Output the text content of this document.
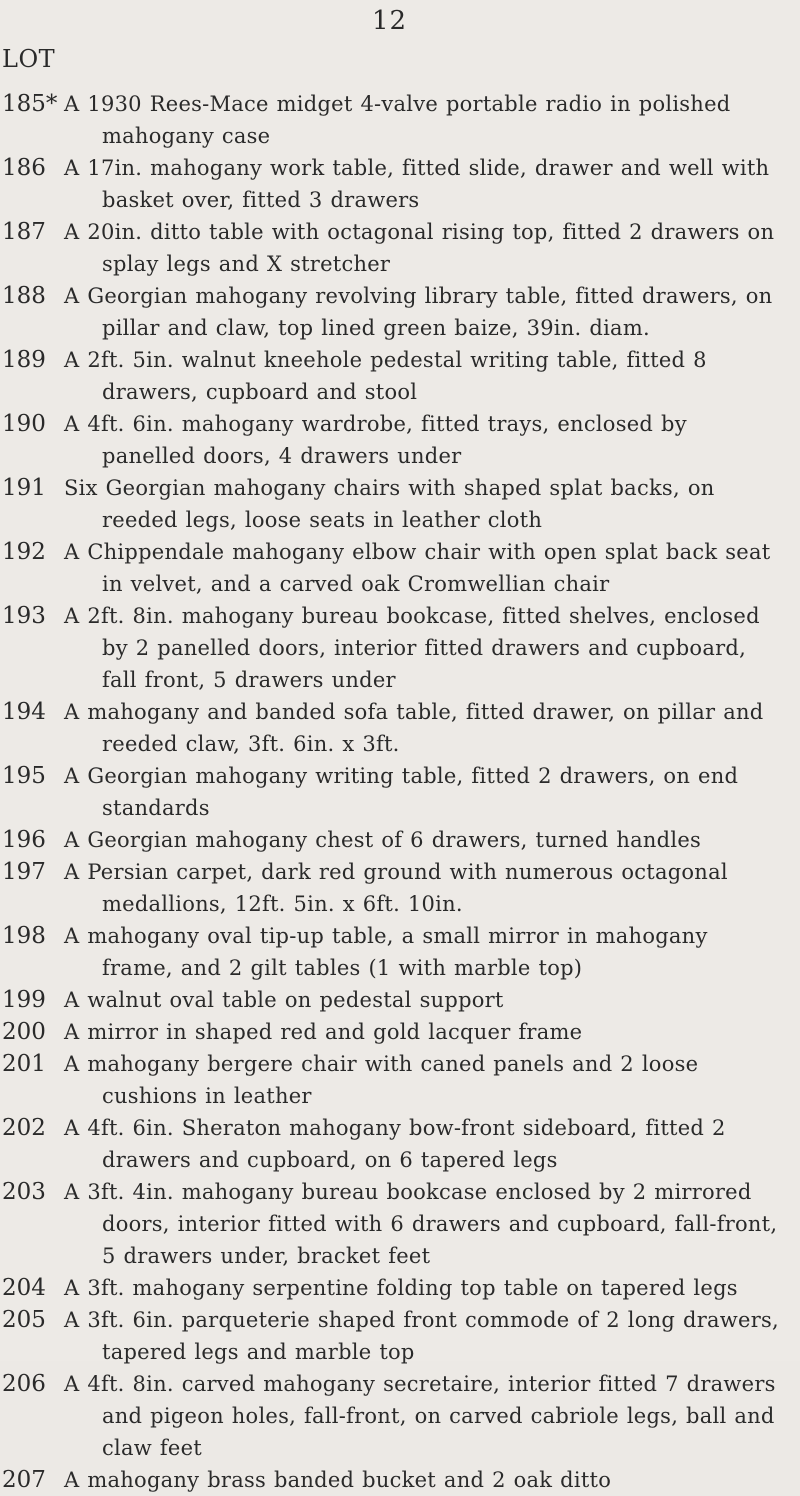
12
LOT
185* A 1930 Rees-Mace midget 4-valve portable radio in polished mahogany case
186 A 17in. mahogany work table, fitted slide, drawer and well with basket over, fitted 3 drawers
187 A 20in. ditto table with octagonal rising top, fitted 2 drawers on splay legs and X stretcher
188 A Georgian mahogany revolving library table, fitted drawers, on pillar and claw, top lined green baize, 39in. diam.
189 A 2ft. 5in. walnut kneehole pedestal writing table, fitted 8 drawers, cupboard and stool
190 A 4ft. 6in. mahogany wardrobe, fitted trays, enclosed by panelled doors, 4 drawers under
191 Six Georgian mahogany chairs with shaped splat backs, on reeded legs, loose seats in leather cloth
192 A Chippendale mahogany elbow chair with open splat back seat in velvet, and a carved oak Cromwellian chair
193 A 2ft. 8in. mahogany bureau bookcase, fitted shelves, enclosed by 2 panelled doors, interior fitted drawers and cupboard, fall front, 5 drawers under
194 A mahogany and banded sofa table, fitted drawer, on pillar and reeded claw, 3ft. 6in. x 3ft.
195 A Georgian mahogany writing table, fitted 2 drawers, on end standards
196 A Georgian mahogany chest of 6 drawers, turned handles
197 A Persian carpet, dark red ground with numerous octagonal medallions, 12ft. 5in. x 6ft. 10in.
198 A mahogany oval tip-up table, a small mirror in mahogany frame, and 2 gilt tables (1 with marble top)
199 A walnut oval table on pedestal support
200 A mirror in shaped red and gold lacquer frame
201 A mahogany bergere chair with caned panels and 2 loose cushions in leather
202 A 4ft. 6in. Sheraton mahogany bow-front sideboard, fitted 2 drawers and cupboard, on 6 tapered legs
203 A 3ft. 4in. mahogany bureau bookcase enclosed by 2 mirrored doors, interior fitted with 6 drawers and cupboard, fall-front, 5 drawers under, bracket feet
204 A 3ft. mahogany serpentine folding top table on tapered legs
205 A 3ft. 6in. parqueterie shaped front commode of 2 long drawers, tapered legs and marble top
206 A 4ft. 8in. carved mahogany secretaire, interior fitted 7 drawers and pigeon holes, fall-front, on carved cabriole legs, ball and claw feet
207 A mahogany brass banded bucket and 2 oak ditto
